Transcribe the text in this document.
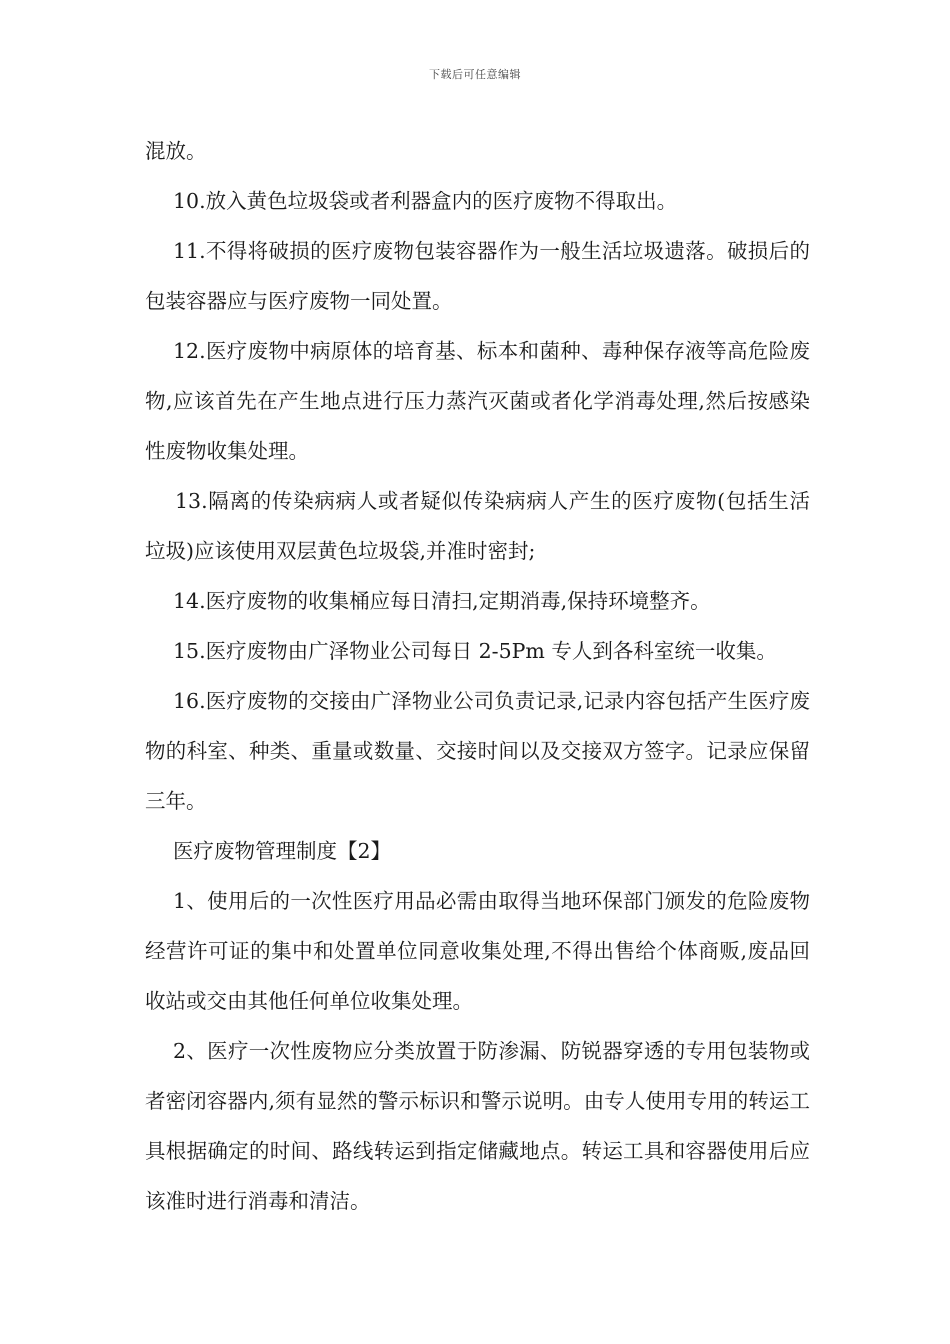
下载后可任意编辑

混放。

10.放入黄色垃圾袋或者利器盒内的医疗废物不得取出。

11.不得将破损的医疗废物包装容器作为一般生活垃圾遗落。破损后的包装容器应与医疗废物一同处置。

12.医疗废物中病原体的培育基、标本和菌种、毒种保存液等高危险废物,应该首先在产生地点进行压力蒸汽灭菌或者化学消毒处理,然后按感染性废物收集处理。

13.隔离的传染病病人或者疑似传染病病人产生的医疗废物(包括生活垃圾)应该使用双层黄色垃圾袋,并准时密封;

14.医疗废物的收集桶应每日清扫,定期消毒,保持环境整齐。

15.医疗废物由广泽物业公司每日 2-5Pm 专人到各科室统一收集。

16.医疗废物的交接由广泽物业公司负责记录,记录内容包括产生医疗废物的科室、种类、重量或数量、交接时间以及交接双方签字。记录应保留三年。

医疗废物管理制度【2】

1、使用后的一次性医疗用品必需由取得当地环保部门颁发的危险废物经营许可证的集中和处置单位同意收集处理,不得出售给个体商贩,废品回收站或交由其他任何单位收集处理。

2、医疗一次性废物应分类放置于防渗漏、防锐器穿透的专用包装物或者密闭容器内,须有显然的警示标识和警示说明。由专人使用专用的转运工具根据确定的时间、路线转运到指定储藏地点。转运工具和容器使用后应该准时进行消毒和清洁。
